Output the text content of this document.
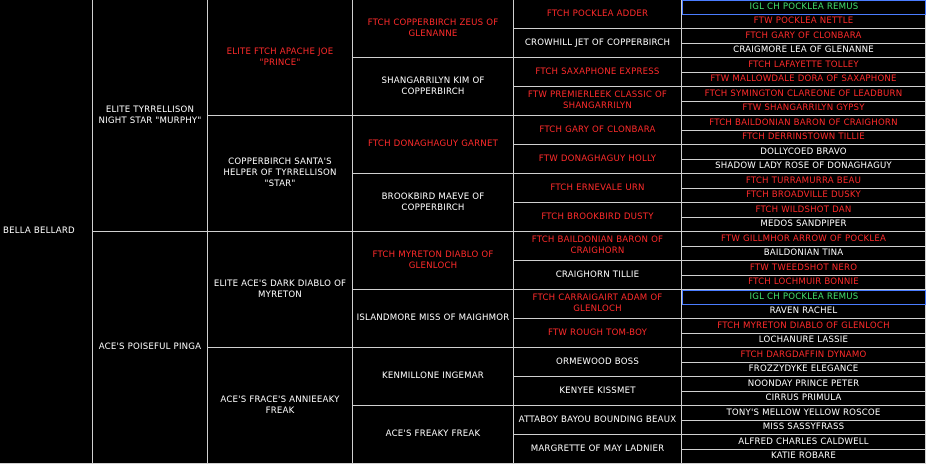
BELLA BELLARD
ELITE TYRRELLISON NIGHT STAR "MURPHY"
ACE'S POISEFUL PINGA
ELITE FTCH APACHE JOE "PRINCE"
COPPERBIRCH SANTA'S HELPER OF TYRRELLISON "STAR"
ELITE ACE'S DARK DIABLO OF MYRETON
ACE'S FRACE'S ANNIEEAKY FREAK
FTCH COPPERBIRCH ZEUS OF GLENANNE
SHANGARRILYN KIM OF COPPERBIRCH
FTCH DONAGHAGUY GARNET
BROOKBIRD MAEVE OF COPPERBIRCH
FTCH MYRETON DIABLO OF GLENLOCH
ISLANDMORE MISS OF MAIGHMOR
KENMILLONE INGEMAR
ACE'S FREAKY FREAK
FTCH POCKLEA ADDER
CROWHILL JET OF COPPERBIRCH
FTCH SAXAPHONE EXPRESS
FTW PREMIERLEEK CLASSIC OF SHANGARRILYN
FTCH GARY OF CLONBARA
FTW DONAGHAGUY HOLLY
FTCH ERNEVALE URN
FTCH BROOKBIRD DUSTY
FTCH BAILDONIAN BARON OF CRAIGHORN
CRAIGHORN TILLIE
FTCH CARRAIGAIRT ADAM OF GLENLOCH
FTW ROUGH TOM-BOY
ORMEWOOD BOSS
KENYEE KISSMET
ATTABOY BAYOU BOUNDING BEAUX
MARGRETTE OF MAY LADNIER
IGL CH POCKLEA REMUS
FTW POCKLEA NETTLE
FTCH GARY OF CLONBARA
CRAIGMORE LEA OF GLENANNE
FTCH LAFAYETTE TOLLEY
FTW MALLOWDALE DORA OF SAXAPHONE
FTCH SYMINGTON CLAREONE OF LEADBURN
FTW SHANGARRILYN GYPSY
FTCH BAILDONIAN BARON OF CRAIGHORN
FTCH DERRINSTOWN TILLIE
DOLLYCOED BRAVO
SHADOW LADY ROSE OF DONAGHAGUY
FTCH TURRAMURRA BEAU
FTCH BROADVILLE DUSKY
FTCH WILDSHOT DAN
MEDOS SANDPIPER
FTW GILLMHOR ARROW OF POCKLEA
BAILDONIAN TINA
FTW TWEEDSHOT NERO
FTCH LOCHMUIR BONNIE
IGL CH POCKLEA REMUS
RAVEN RACHEL
FTCH MYRETON DIABLO OF GLENLOCH
LOCHANURE LASSIE
FTCH DARGDAFFIN DYNAMO
FROZZYDYKE ELEGANCE
NOONDAY PRINCE PETER
CIRRUS PRIMULA
TONY'S MELLOW YELLOW ROSCOE
MISS SASSYFRASS
ALFRED CHARLES CALDWELL
KATIE ROBARE
